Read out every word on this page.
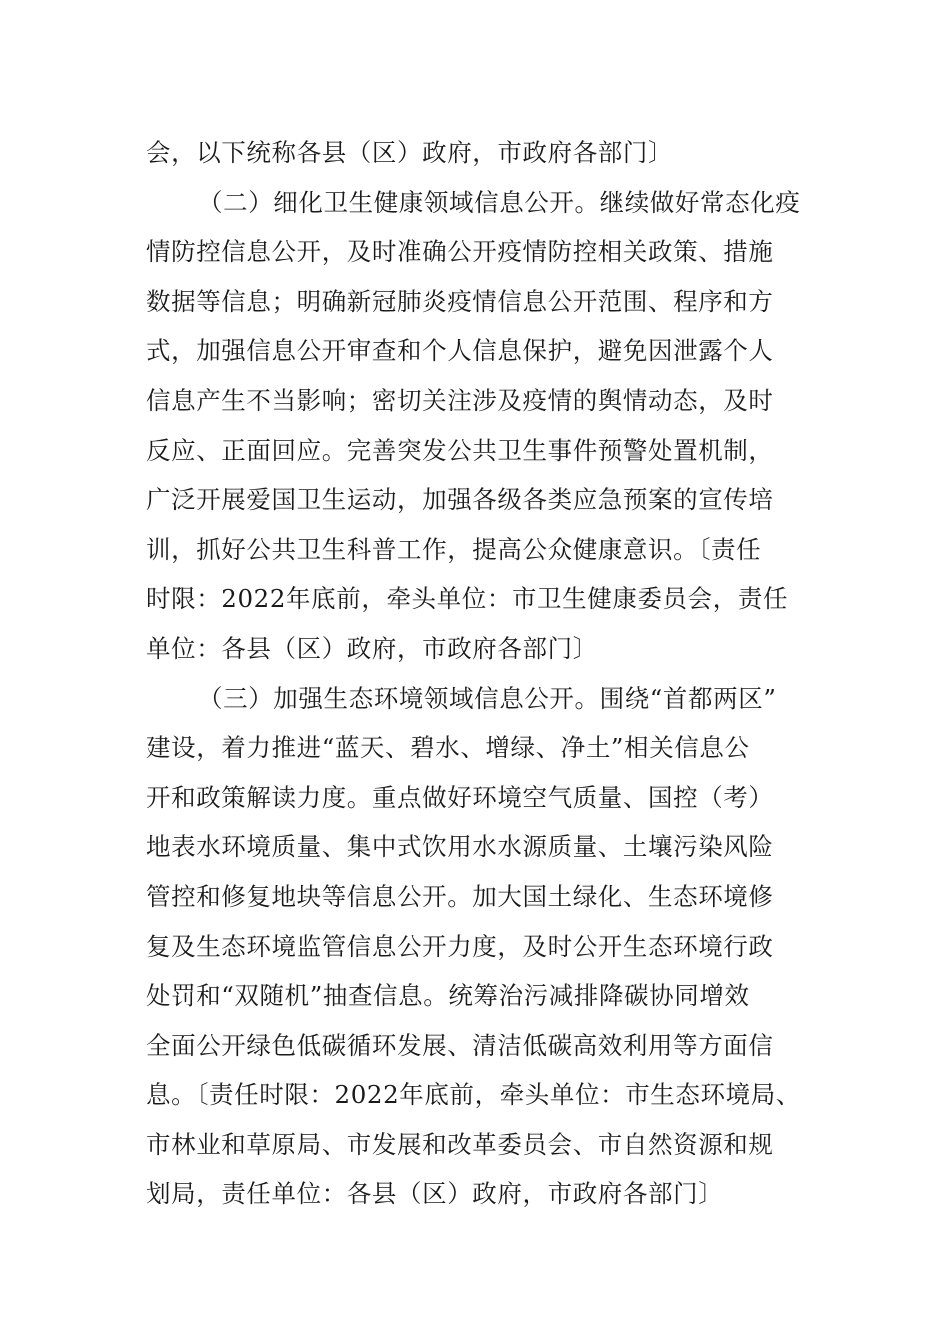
会，以下统称各县（区）政府，市政府各部门〕
（二）细化卫生健康领域信息公开。继续做好常态化疫
情防控信息公开，及时准确公开疫情防控相关政策、措施
数据等信息；明确新冠肺炎疫情信息公开范围、程序和方
式，加强信息公开审查和个人信息保护，避免因泄露个人
信息产生不当影响；密切关注涉及疫情的舆情动态，及时
反应、正面回应。完善突发公共卫生事件预警处置机制，
广泛开展爱国卫生运动，加强各级各类应急预案的宣传培
训，抓好公共卫生科普工作，提高公众健康意识。〔责任
时限：2022年底前，牵头单位：市卫生健康委员会，责任
单位：各县（区）政府，市政府各部门〕
（三）加强生态环境领域信息公开。围绕“首都两区”
建设，着力推进“蓝天、碧水、增绿、净土”相关信息公
开和政策解读力度。重点做好环境空气质量、国控（考）
地表水环境质量、集中式饮用水水源质量、土壤污染风险
管控和修复地块等信息公开。加大国土绿化、生态环境修
复及生态环境监管信息公开力度，及时公开生态环境行政
处罚和“双随机”抽查信息。统筹治污减排降碳协同增效
全面公开绿色低碳循环发展、清洁低碳高效利用等方面信
息。〔责任时限：2022年底前，牵头单位：市生态环境局、
市林业和草原局、市发展和改革委员会、市自然资源和规
划局，责任单位：各县（区）政府，市政府各部门〕
